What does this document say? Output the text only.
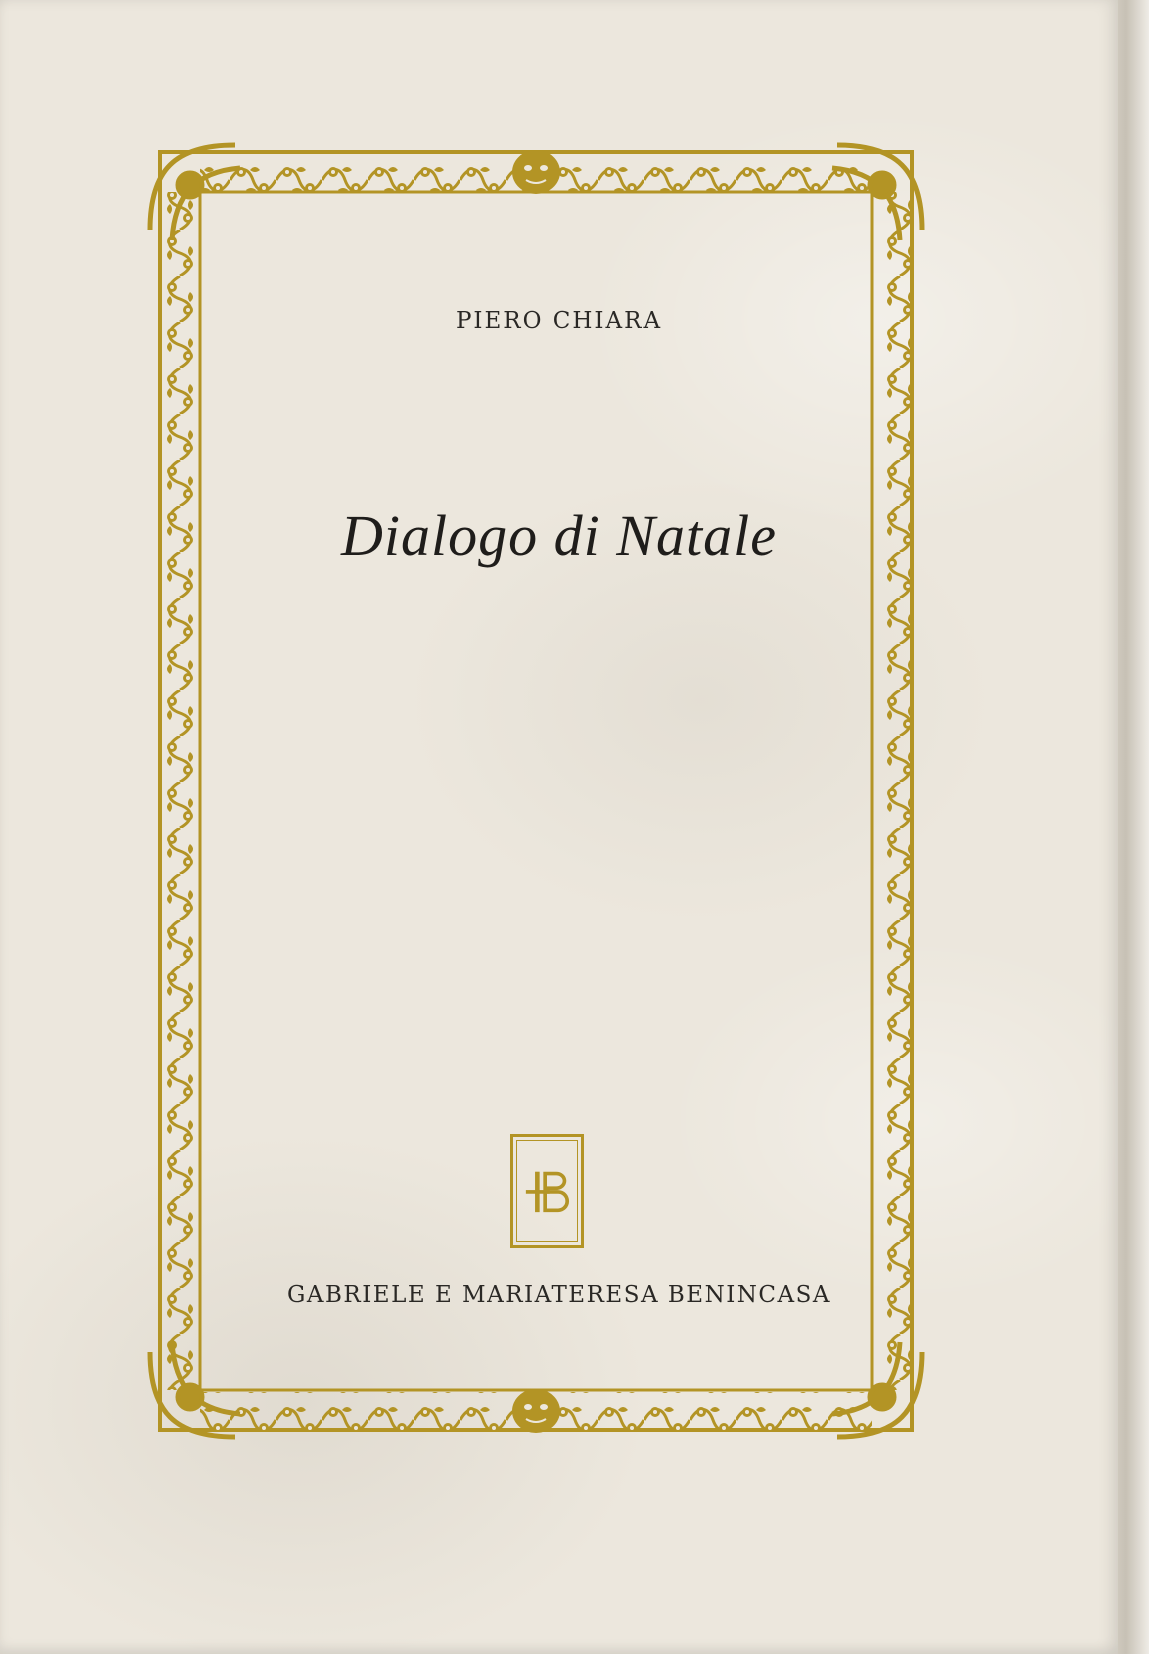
PIERO CHIARA
Dialogo di Natale
GABRIELE E MARIATERESA BENINCASA
